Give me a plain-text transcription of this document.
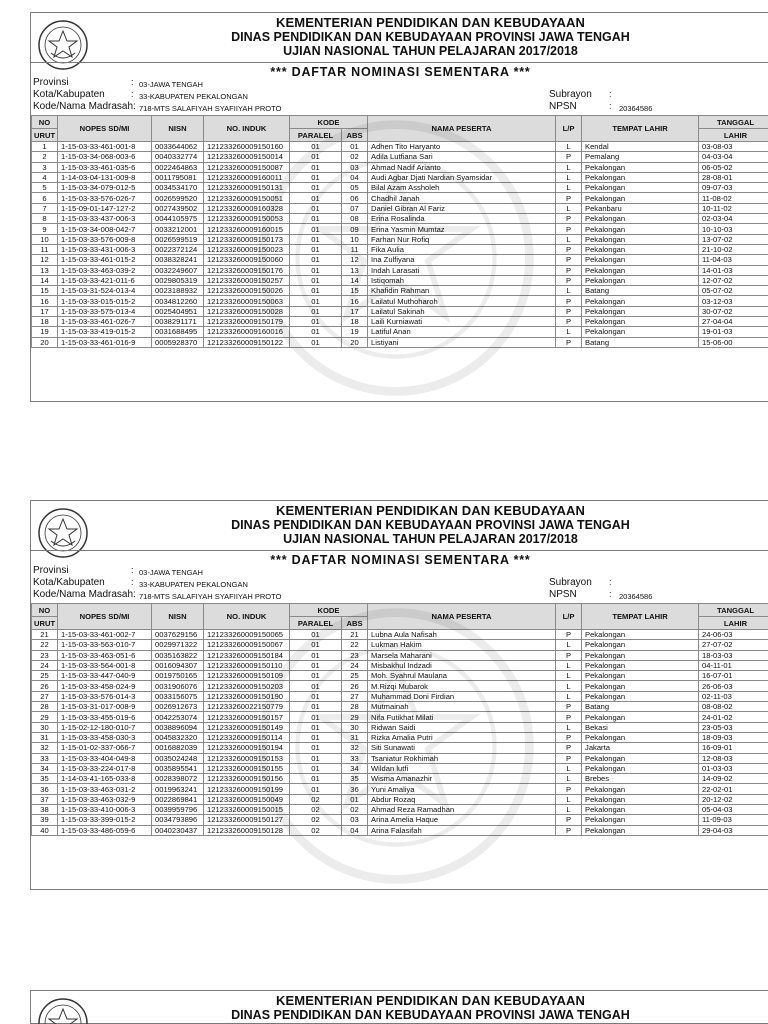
KEMENTERIAN PENDIDIKAN DAN KEBUDAYAAN
DINAS PENDIDIKAN DAN KEBUDAYAAN PROVINSI JAWA TENGAH
UJIAN NASIONAL TAHUN PELAJARAN 2017/2018
*** DAFTAR NOMINASI SEMENTARA ***
Provinsi	: 03-JAWA TENGAH
Kota/Kabupaten	: 33-KABUPATEN PEKALONGAN
Kode/Nama Madrasah: 718-MTS SALAFIYAH SYAFIIYAH PROTO
Subrayon :
NPSN	: 20364586
NO	NOPES SD/MI	NISN	NO. INDUK	KODE		NAMA PESERTA	L/P	TEMPAT LAHIR	TANGGAL
URUT				PARALEL	ABS				LAHIR
1	1-15-03-33-461-001-8	0033644062	121233260009150160	01	01	Adhen Tito Haryanto	L	Kendal	03-08-03
2	1-15-03-34-068-003-6	0040332774	121233260009150014	01	02	Adila Lutfiana Sari	P	Pemalang	04-03-04
3	1-15-03-33-461-035-6	0022464863	121233260009150087	01	03	Ahmad Nadif Arianto	L	Pekalongan	06-05-02
4	1-14-03-04-131-009-8	0011795081	121233260009160011	01	04	Audi Agbar Djati Nardian Syamsidar	L	Pekalongan	28-08-01
5	1-15-03-34-079-012-5	0034534170	121233260009150131	01	05	Bilal Azam Assholeh	L	Pekalongan	09-07-03
6	1-15-03-33-576-026-7	0026599520	121233260009150051	01	06	Chadhil Janah	P	Pekalongan	11-08-02
7	1-15-09-01-147-127-2	0027439502	121233260009160328	01	07	Daniel Gibran Al Fariz	L	Pekanbaru	10-11-02
8	1-15-03-33-437-006-3	0044105975	121233260009150053	01	08	Erina Rosalinda	P	Pekalongan	02-03-04
9	1-15-03-34-008-042-7	0033212001	121233260009160015	01	09	Erina Yasmin Mumtaz	P	Pekalongan	10-10-03
10	1-15-03-33-576-009-8	0026599519	121233260009150173	01	10	Farhan Nur Rofiq	L	Pekalongan	13-07-02
11	1-15-03-33-431-006-3	0022372124	121233260009150023	01	11	Fika Aulia	P	Pekalongan	21-10-02
12	1-15-03-33-461-015-2	0038328241	121233260009150060	01	12	Ina Zulfiyana	P	Pekalongan	11-04-03
13	1-15-03-33-463-039-2	0032249607	121233260009150176	01	13	Indah Larasati	P	Pekalongan	14-01-03
14	1-15-03-33-421-011-6	0029805319	121233260009150257	01	14	Istiqomah	P	Pekalongan	12-07-02
15	1-15-03-31-524-013-4	0023188932	121233260009150026	01	15	Khafidin Rahman	L	Batang	05-07-02
16	1-15-03-33-015-015-2	0034812260	121233260009150063	01	16	Lailatul Muthoharoh	P	Pekalongan	03-12-03
17	1-15-03-33-575-013-4	0025404951	121233260009150028	01	17	Lailatul Sakinah	P	Pekalongan	30-07-02
18	1-15-03-33-461-026-7	0038291171	121233260009150179	01	18	Laili Kurniawati	P	Pekalongan	27-04-04
19	1-15-03-33-419-015-2	0031688495	121233260009160016	01	19	Latiful Anan	L	Pekalongan	19-01-03
20	1-15-03-33-461-016-9	0005928370	121233260009150122	01	20	Listiyani	P	Batang	15-06-00
KEMENTERIAN PENDIDIKAN DAN KEBUDAYAAN
DINAS PENDIDIKAN DAN KEBUDAYAAN PROVINSI JAWA TENGAH
UJIAN NASIONAL TAHUN PELAJARAN 2017/2018
*** DAFTAR NOMINASI SEMENTARA ***
Provinsi	: 03-JAWA TENGAH
Kota/Kabupaten	: 33-KABUPATEN PEKALONGAN
Kode/Nama Madrasah: 718-MTS SALAFIYAH SYAFIIYAH PROTO
Subrayon :
NPSN	: 20364586
NO	NOPES SD/MI	NISN	NO. INDUK	KODE		NAMA PESERTA	L/P	TEMPAT LAHIR	TANGGAL
URUT				PARALEL	ABS				LAHIR
21	1-15-03-33-461-002-7	0037629156	121233260009150065	01	21	Lubna Aula Nafisah	P	Pekalongan	24-06-03
22	1-15-03-33-563-010-7	0029971322	121233260009150067	01	22	Lukman Hakim	L	Pekalongan	27-07-02
23	1-15-03-33-463-051-6	0035163822	121233260009150184	01	23	Marsela Maharani	P	Pekalongan	18-03-03
24	1-15-03-33-564-001-8	0016094307	121233260009150110	01	24	Misbakhul Indzadi	L	Pekalongan	04-11-01
25	1-15-03-33-447-040-9	0019750165	121233260009150109	01	25	Moh. Syahrul Maulana	L	Pekalongan	16-07-01
26	1-15-03-33-458-024-9	0031906076	121233260009150203	01	26	M.Rizqi Mubarok	L	Pekalongan	26-06-03
27	1-15-03-33-576-014-3	0033156075	121233260009150190	01	27	Muhammad Doni Firdian	L	Pekalongan	02-11-03
28	1-15-03-31-017-008-9	0026912673	121233260022150779	01	28	Mutmainah	P	Batang	08-08-02
29	1-15-03-33-455-019-6	0042253074	121233260009150157	01	29	Nifa Futikhat Milati	P	Pekalongan	24-01-02
30	1-15-02-12-180-010-7	0038896094	121233260009150149	01	30	Ridwan Saidi	L	Bekasi	23-05-03
31	1-15-03-33-458-030-3	0045832320	121233260009150114	01	31	Rizka Amalia Putri	P	Pekalongan	18-09-03
32	1-15-01-02-337-066-7	0016882039	121233260009150194	01	32	Siti Sunawati	P	Jakarta	16-09-01
33	1-15-03-33-404-049-8	0035024248	121233260009150153	01	33	Tsaniatur Rokhimah	P	Pekalongan	12-08-03
34	1-15-03-33-224-017-8	0035895541	121233260009150155	01	34	Wildan lutfi	L	Pekalongan	01-03-03
35	1-14-03-41-165-033-8	0028398072	121233260009150156	01	35	Wisma Amanazhir	L	Brebes	14-09-02
36	1-15-03-33-463-031-2	0019963241	121233260009150199	01	36	Yuni Amaliya	P	Pekalongan	22-02-01
37	1-15-03-33-463-032-9	0022869841	121233260009150049	02	01	Abdur Rozaq	L	Pekalongan	20-12-02
38	1-15-03-33-410-006-3	0039959796	121233260009150015	02	02	Ahmad Reza Ramadhan	L	Pekalongan	05-04-03
39	1-15-03-33-399-015-2	0034793896	121233260009150127	02	03	Arina Amelia Haque	P	Pekalongan	11-09-03
40	1-15-03-33-486-059-6	0040230437	121233260009150128	02	04	Arina Falasifah	P	Pekalongan	29-04-03
KEMENTERIAN PENDIDIKAN DAN KEBUDAYAAN
DINAS PENDIDIKAN DAN KEBUDAYAAN PROVINSI JAWA TENGAH
